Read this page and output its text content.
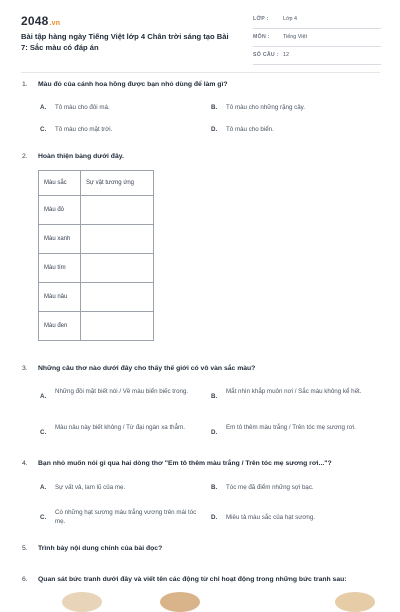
2048.vn
Bài tập hàng ngày Tiếng Việt lớp 4 Chân trời sáng tạo Bài 7: Sắc màu có đáp án
LỚP :	Lớp 4
MÔN : Tiếng Việt
SỐ CÂU : 12
1. Màu đỏ của cánh hoa hồng được bạn nhỏ dùng để làm gì?
A. Tô màu cho đôi má.	B. Tô màu cho những rặng cây.
C. Tô màu cho mặt trời.	D. Tô màu cho biển.
2. Hoàn thiện bảng dưới đây.
Màu sắc	Sự vật tương ứng
Màu đỏ	
Màu xanh	
Màu tím	
Màu nâu	
Màu đen	
3. Những câu thơ nào dưới đây cho thấy thế giới có vô vàn sắc màu?
A.
Những đồi mặt biết nói / Về màu biển biếc trong.
B.
Mắt nhìn khắp muôn nơi / Sắc màu không kể hết.
C.
Màu nâu này biết không / Từ đại ngàn xa thẳm.
D.
Em tô thêm màu trắng / Trên tóc mẹ sương rơi.
4. Bạn nhỏ muốn nói gì qua hai dòng thơ "Em tô thêm màu trắng / Trên tóc mẹ sương rơi..."?
A. Sự vất vả, lam lũ của mẹ.	B. Tóc mẹ đã điểm những sợi bạc.
C.
Có những hạt sương màu trắng vương trên mái tóc mẹ.
D. Miêu tả màu sắc của hạt sương.
5. Trình bày nội dung chính của bài đọc?
6. Quan sát bức tranh dưới đây và viết tên các động từ chỉ hoạt động trong những bức tranh sau:
